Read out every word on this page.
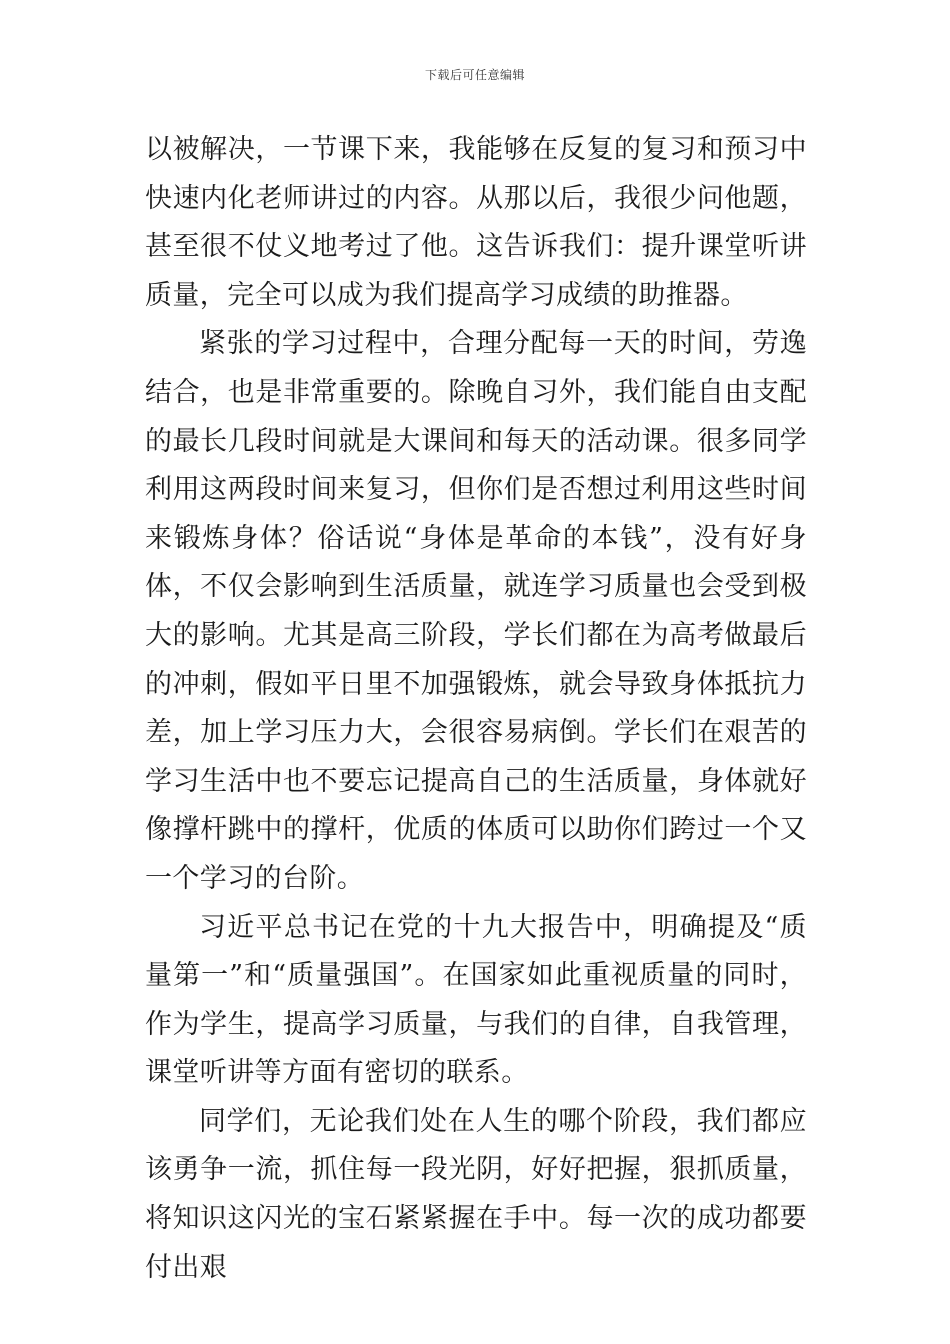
下载后可任意编辑

以被解决，一节课下来，我能够在反复的复习和预习中快速内化老师讲过的内容。从那以后，我很少问他题，甚至很不仗义地考过了他。这告诉我们：提升课堂听讲质量，完全可以成为我们提高学习成绩的助推器。

紧张的学习过程中，合理分配每一天的时间，劳逸结合，也是非常重要的。除晚自习外，我们能自由支配的最长几段时间就是大课间和每天的活动课。很多同学利用这两段时间来复习，但你们是否想过利用这些时间来锻炼身体？俗话说“身体是革命的本钱”，没有好身体，不仅会影响到生活质量，就连学习质量也会受到极大的影响。尤其是高三阶段，学长们都在为高考做最后的冲刺，假如平日里不加强锻炼，就会导致身体抵抗力差，加上学习压力大，会很容易病倒。学长们在艰苦的学习生活中也不要忘记提高自己的生活质量，身体就好像撑杆跳中的撑杆，优质的体质可以助你们跨过一个又一个学习的台阶。

习近平总书记在党的十九大报告中，明确提及“质量第一”和“质量强国”。在国家如此重视质量的同时，作为学生，提高学习质量，与我们的自律，自我管理，课堂听讲等方面有密切的联系。

同学们，无论我们处在人生的哪个阶段，我们都应该勇争一流，抓住每一段光阴，好好把握，狠抓质量，将知识这闪光的宝石紧紧握在手中。每一次的成功都要付出艰
